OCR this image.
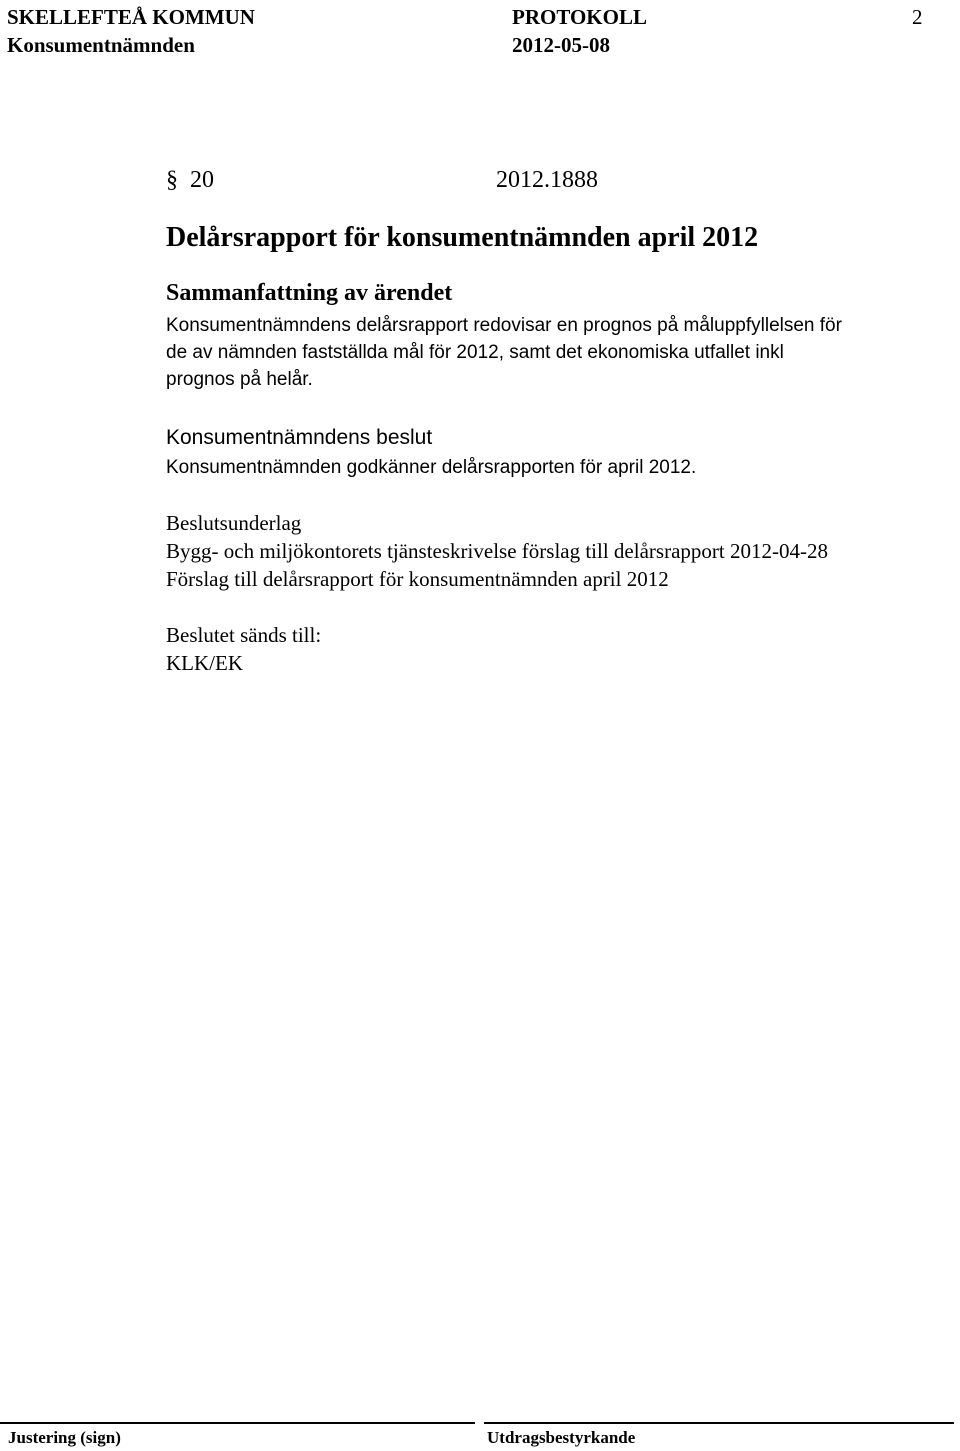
SKELLEFTEÅ KOMMUN	PROTOKOLL	2
Konsumentnämnden	2012-05-08
§ 20	2012.1888
Delårsrapport för konsumentnämnden april 2012
Sammanfattning av ärendet
Konsumentnämndens delårsrapport redovisar en prognos på måluppfyllelsen för
de av nämnden fastställda mål för 2012, samt det ekonomiska utfallet inkl
prognos på helår.
Konsumentnämndens beslut
Konsumentnämnden godkänner delårsrapporten för april 2012.
Beslutsunderlag
Bygg- och miljökontorets tjänsteskrivelse förslag till delårsrapport 2012-04-28
Förslag till delårsrapport för konsumentnämnden april 2012
Beslutet sänds till:
KLK/EK
Justering (sign)	Utdragsbestyrkande
